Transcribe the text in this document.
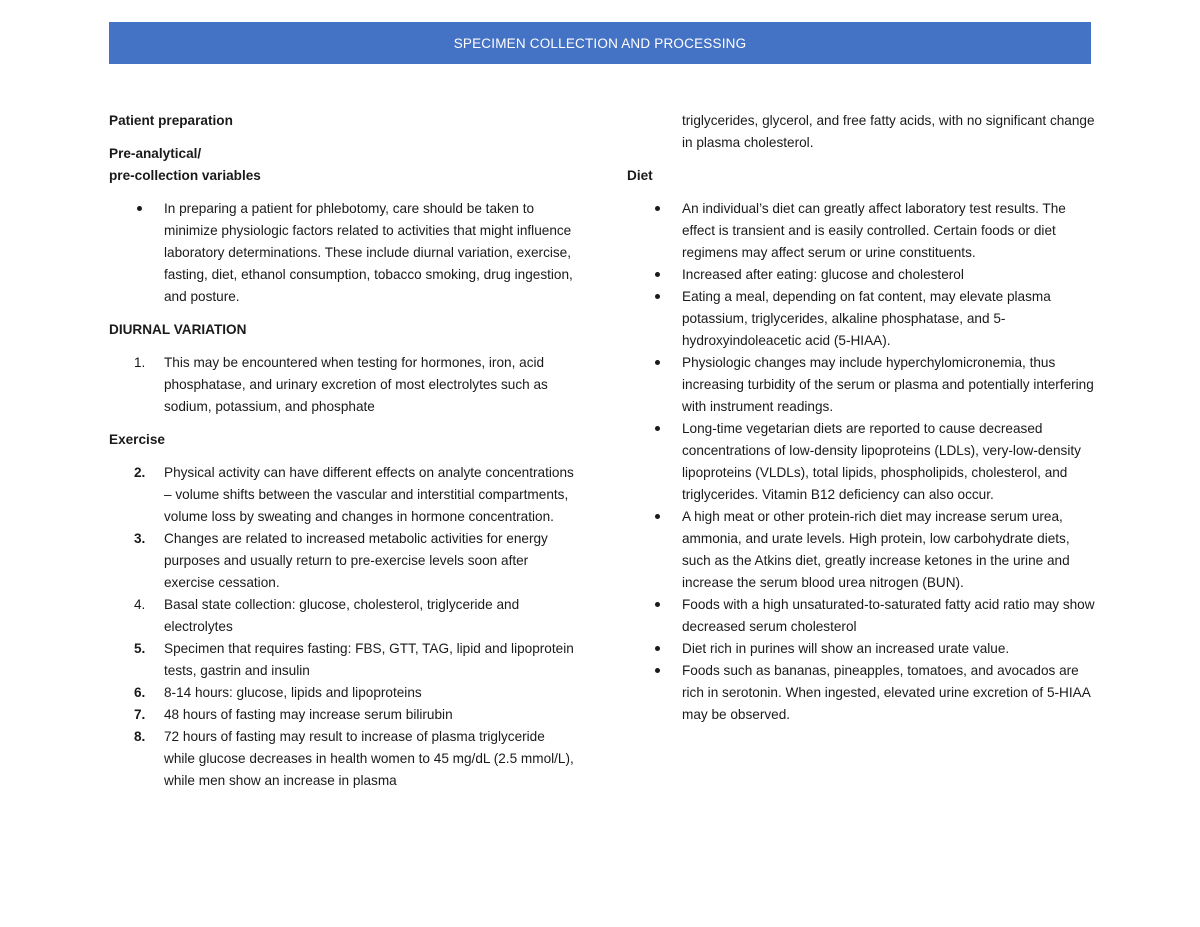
SPECIMEN COLLECTION AND PROCESSING

Patient preparation

Pre-analytical/

pre-collection variables

In preparing a patient for phlebotomy, care should be taken to minimize physiologic factors related to activities that might influence laboratory determinations. These include diurnal variation, exercise, fasting, diet, ethanol consumption, tobacco smoking, drug ingestion, and posture.

DIURNAL VARIATION

1.	This may be encountered when testing for hormones, iron, acid phosphatase, and urinary excretion of most electrolytes such as sodium, potassium, and phosphate

Exercise

2.	Physical activity can have different effects on analyte concentrations – volume shifts between the vascular and interstitial compartments, volume loss by sweating and changes in hormone concentration.
3.	Changes are related to increased metabolic activities for energy purposes and usually return to pre-exercise levels soon after exercise cessation.
4.	Basal state collection: glucose, cholesterol, triglyceride and electrolytes
5.	Specimen that requires fasting: FBS, GTT, TAG, lipid and lipoprotein tests, gastrin and insulin
6.	8-14 hours: glucose, lipids and lipoproteins
7.	48 hours of fasting may increase serum bilirubin
8.	72 hours of fasting may result to increase of plasma triglyceride while glucose decreases in health women to 45 mg/dL (2.5 mmol/L), while men show an increase in plasma

triglycerides, glycerol, and free fatty acids, with no significant change in plasma cholesterol.

Diet

An individual’s diet can greatly affect laboratory test results. The effect is transient and is easily controlled. Certain foods or diet regimens may affect serum or urine constituents.
Increased after eating: glucose and cholesterol
Eating a meal, depending on fat content, may elevate plasma potassium, triglycerides, alkaline phosphatase, and 5-hydroxyindoleacetic acid (5-HIAA).
Physiologic changes may include hyperchylomicronemia, thus increasing turbidity of the serum or plasma and potentially interfering with instrument readings.
Long-time vegetarian diets are reported to cause decreased concentrations of low-density lipoproteins (LDLs), very-low-density lipoproteins (VLDLs), total lipids, phospholipids, cholesterol, and triglycerides. Vitamin B12 deficiency can also occur.
A high meat or other protein-rich diet may increase serum urea, ammonia, and urate levels. High protein, low carbohydrate diets, such as the Atkins diet, greatly increase ketones in the urine and increase the serum blood urea nitrogen (BUN).
Foods with a high unsaturated-to-saturated fatty acid ratio may show decreased serum cholesterol
Diet rich in purines will show an increased urate value.
Foods such as bananas, pineapples, tomatoes, and avocados are rich in serotonin. When ingested, elevated urine excretion of 5-HIAA may be observed.
